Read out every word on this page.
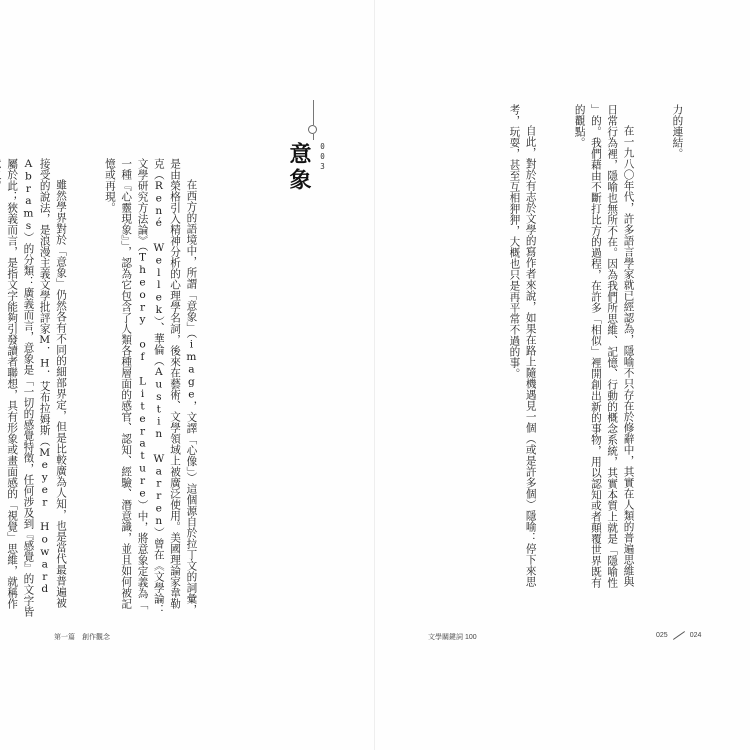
在西方的語境中，所謂「意象」（image，文譯「心像」）這個源自於拉丁文的詞彙，是由榮格引入精神分析的心理學名詞，後來在藝術、文學領域上被廣泛使用。美國理論家韋勒克（René Wellek）、華倫（Austin Warren）曾在《文學論：文學研究方法論》（Theory of Literature）中，將意象定義為「一種『心靈現象』」，認為它包含了人類各種層面的感官、認知、經驗、潛意識，並且如何被記憶或再現。

雖然學界對於「意象」仍然各有不同的細部界定，但是比較廣為人知，也是當代最普遍被接受的說法，是浪漫主義文學批評家M．H．艾布拉姆斯（Meyer Howard Abrams）的分類：廣義而言，意象是「一切的感覺特徵，任何涉及到『感覺』的文字皆屬於此；狹義而言，是指文字能夠引發讀者聯想，具有形象或畫面感的「視覺」思維，就稱作

003
意象
第一篇　創作觀念

力的連結。

在一九八〇年代，許多語言學家就已經認為，隱喻不只存在於修辭中，其實在人類的普遍思維與日常行為裡，隱喻也無所不在。因為我們所思維、記憶、行動的概念系統，其實本質上就是「隱喻性」的。我們藉由不斷打比方的過程，在許多「相似」裡開創出新的事物，用以認知或者顛覆世界既有的觀點。

自此，對於有志於文學的寫作者來說，如果在路上隨機遇見一個（或是許多個）隱喻：停下來思考，玩耍，甚至互相狎狎，大概也只是再平常不過的事。

文學關鍵詞 100	025	024
